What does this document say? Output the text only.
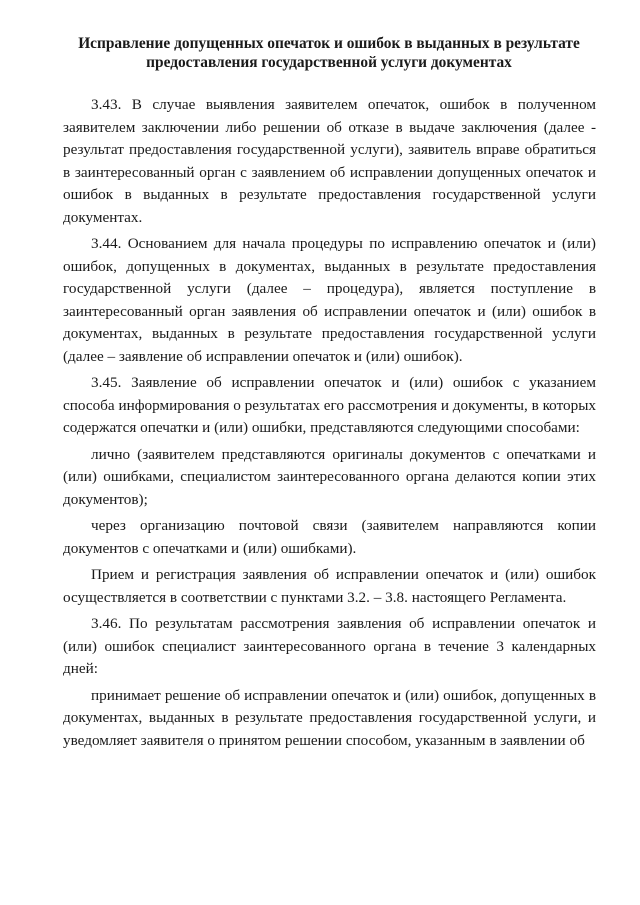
Исправление допущенных опечаток и ошибок в выданных в результате
предоставления государственной услуги документах

3.43. В случае выявления заявителем опечаток, ошибок в полученном заявителем заключении либо решении об отказе в выдаче заключения (далее - результат предоставления государственной услуги), заявитель вправе обратиться в заинтересованный орган с заявлением об исправлении допущенных опечаток и ошибок в выданных в результате предоставления государственной услуги документах.

3.44. Основанием для начала процедуры по исправлению опечаток и (или) ошибок, допущенных в документах, выданных в результате предоставления государственной услуги (далее – процедура), является поступление в заинтересованный орган заявления об исправлении опечаток и (или) ошибок в документах, выданных в результате предоставления государственной услуги (далее – заявление об исправлении опечаток и (или) ошибок).

3.45. Заявление об исправлении опечаток и (или) ошибок с указанием способа информирования о результатах его рассмотрения и документы, в которых содержатся опечатки и (или) ошибки, представляются следующими способами:

лично (заявителем представляются оригиналы документов с опечатками и (или) ошибками, специалистом заинтересованного органа делаются копии этих документов);

через организацию почтовой связи (заявителем направляются копии документов с опечатками и (или) ошибками).

Прием и регистрация заявления об исправлении опечаток и (или) ошибок осуществляется в соответствии с пунктами 3.2. – 3.8. настоящего Регламента.

3.46. По результатам рассмотрения заявления об исправлении опечаток и (или) ошибок специалист заинтересованного органа в течение 3 календарных дней:

принимает решение об исправлении опечаток и (или) ошибок, допущенных в документах, выданных в результате предоставления государственной услуги, и уведомляет заявителя о принятом решении способом, указанным в заявлении об
